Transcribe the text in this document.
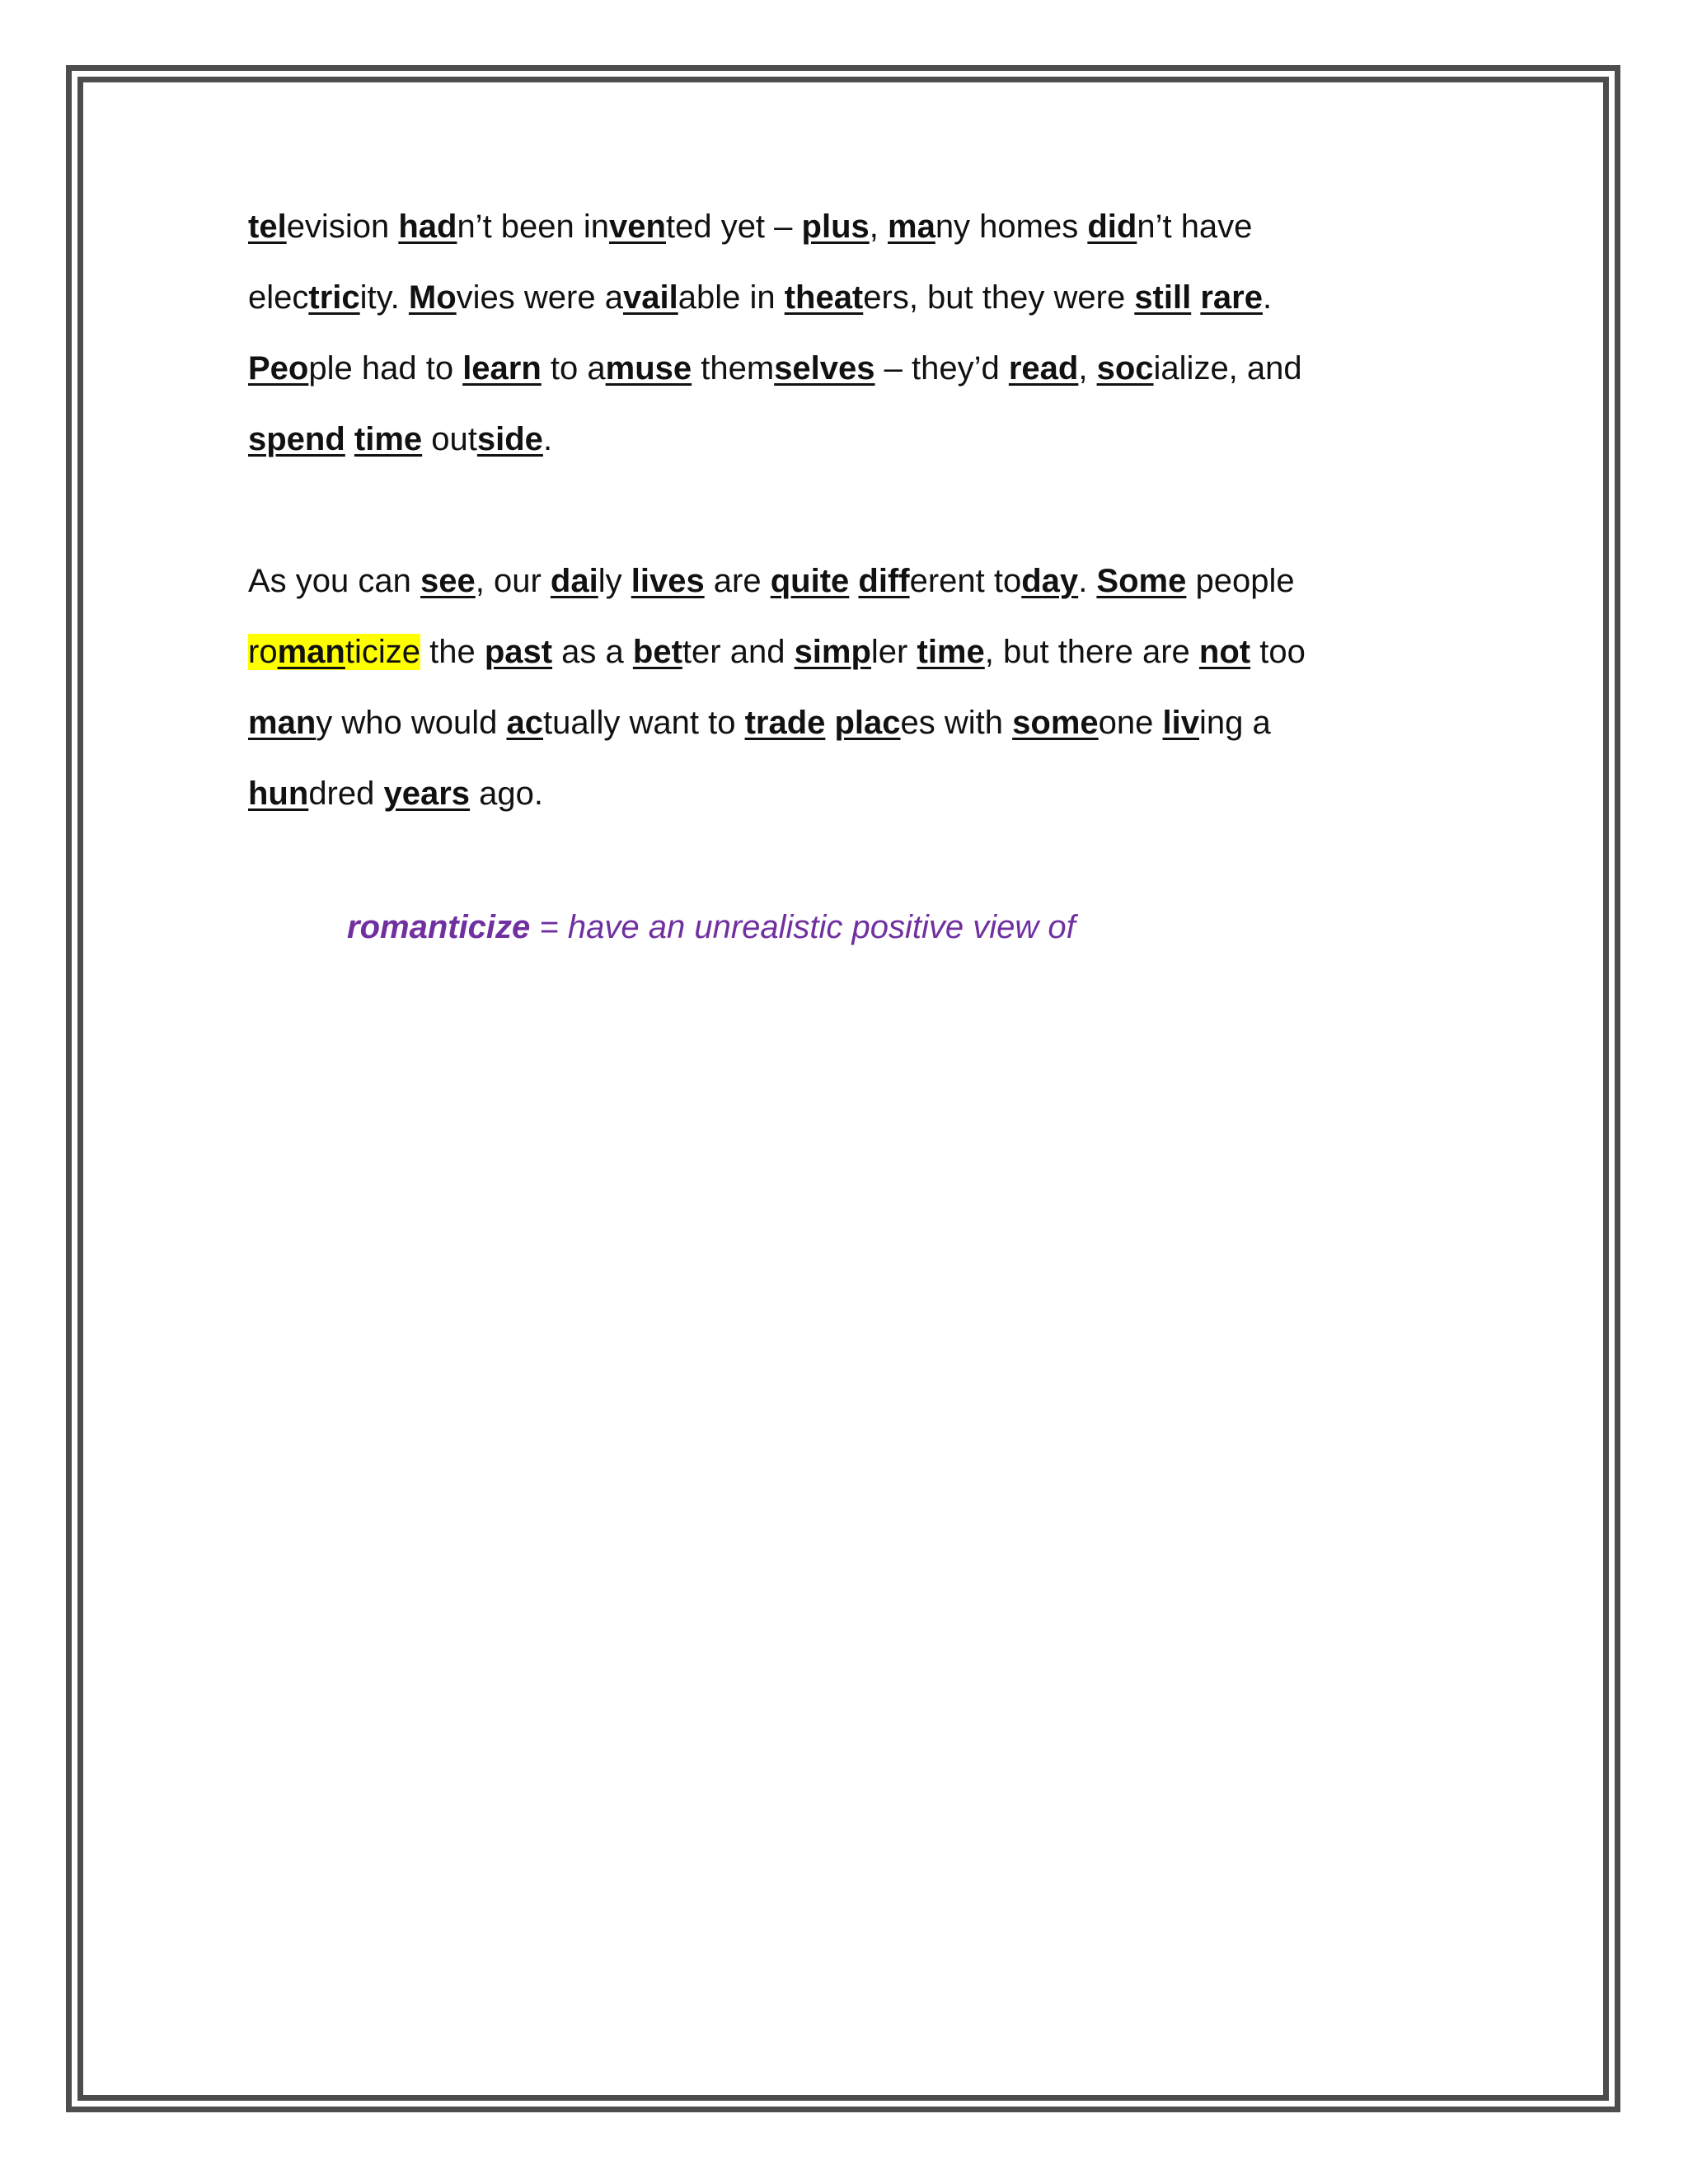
television hadn’t been invented yet – plus, many homes didn’t have
electricity. Movies were available in theaters, but they were still rare.
People had to learn to amuse themselves – they’d read, socialize, and
spend time outside.

As you can see, our daily lives are quite different today. Some people
romanticize the past as a better and simpler time, but there are not too
many who would actually want to trade places with someone living a
hundred years ago.

romanticize = have an unrealistic positive view of
